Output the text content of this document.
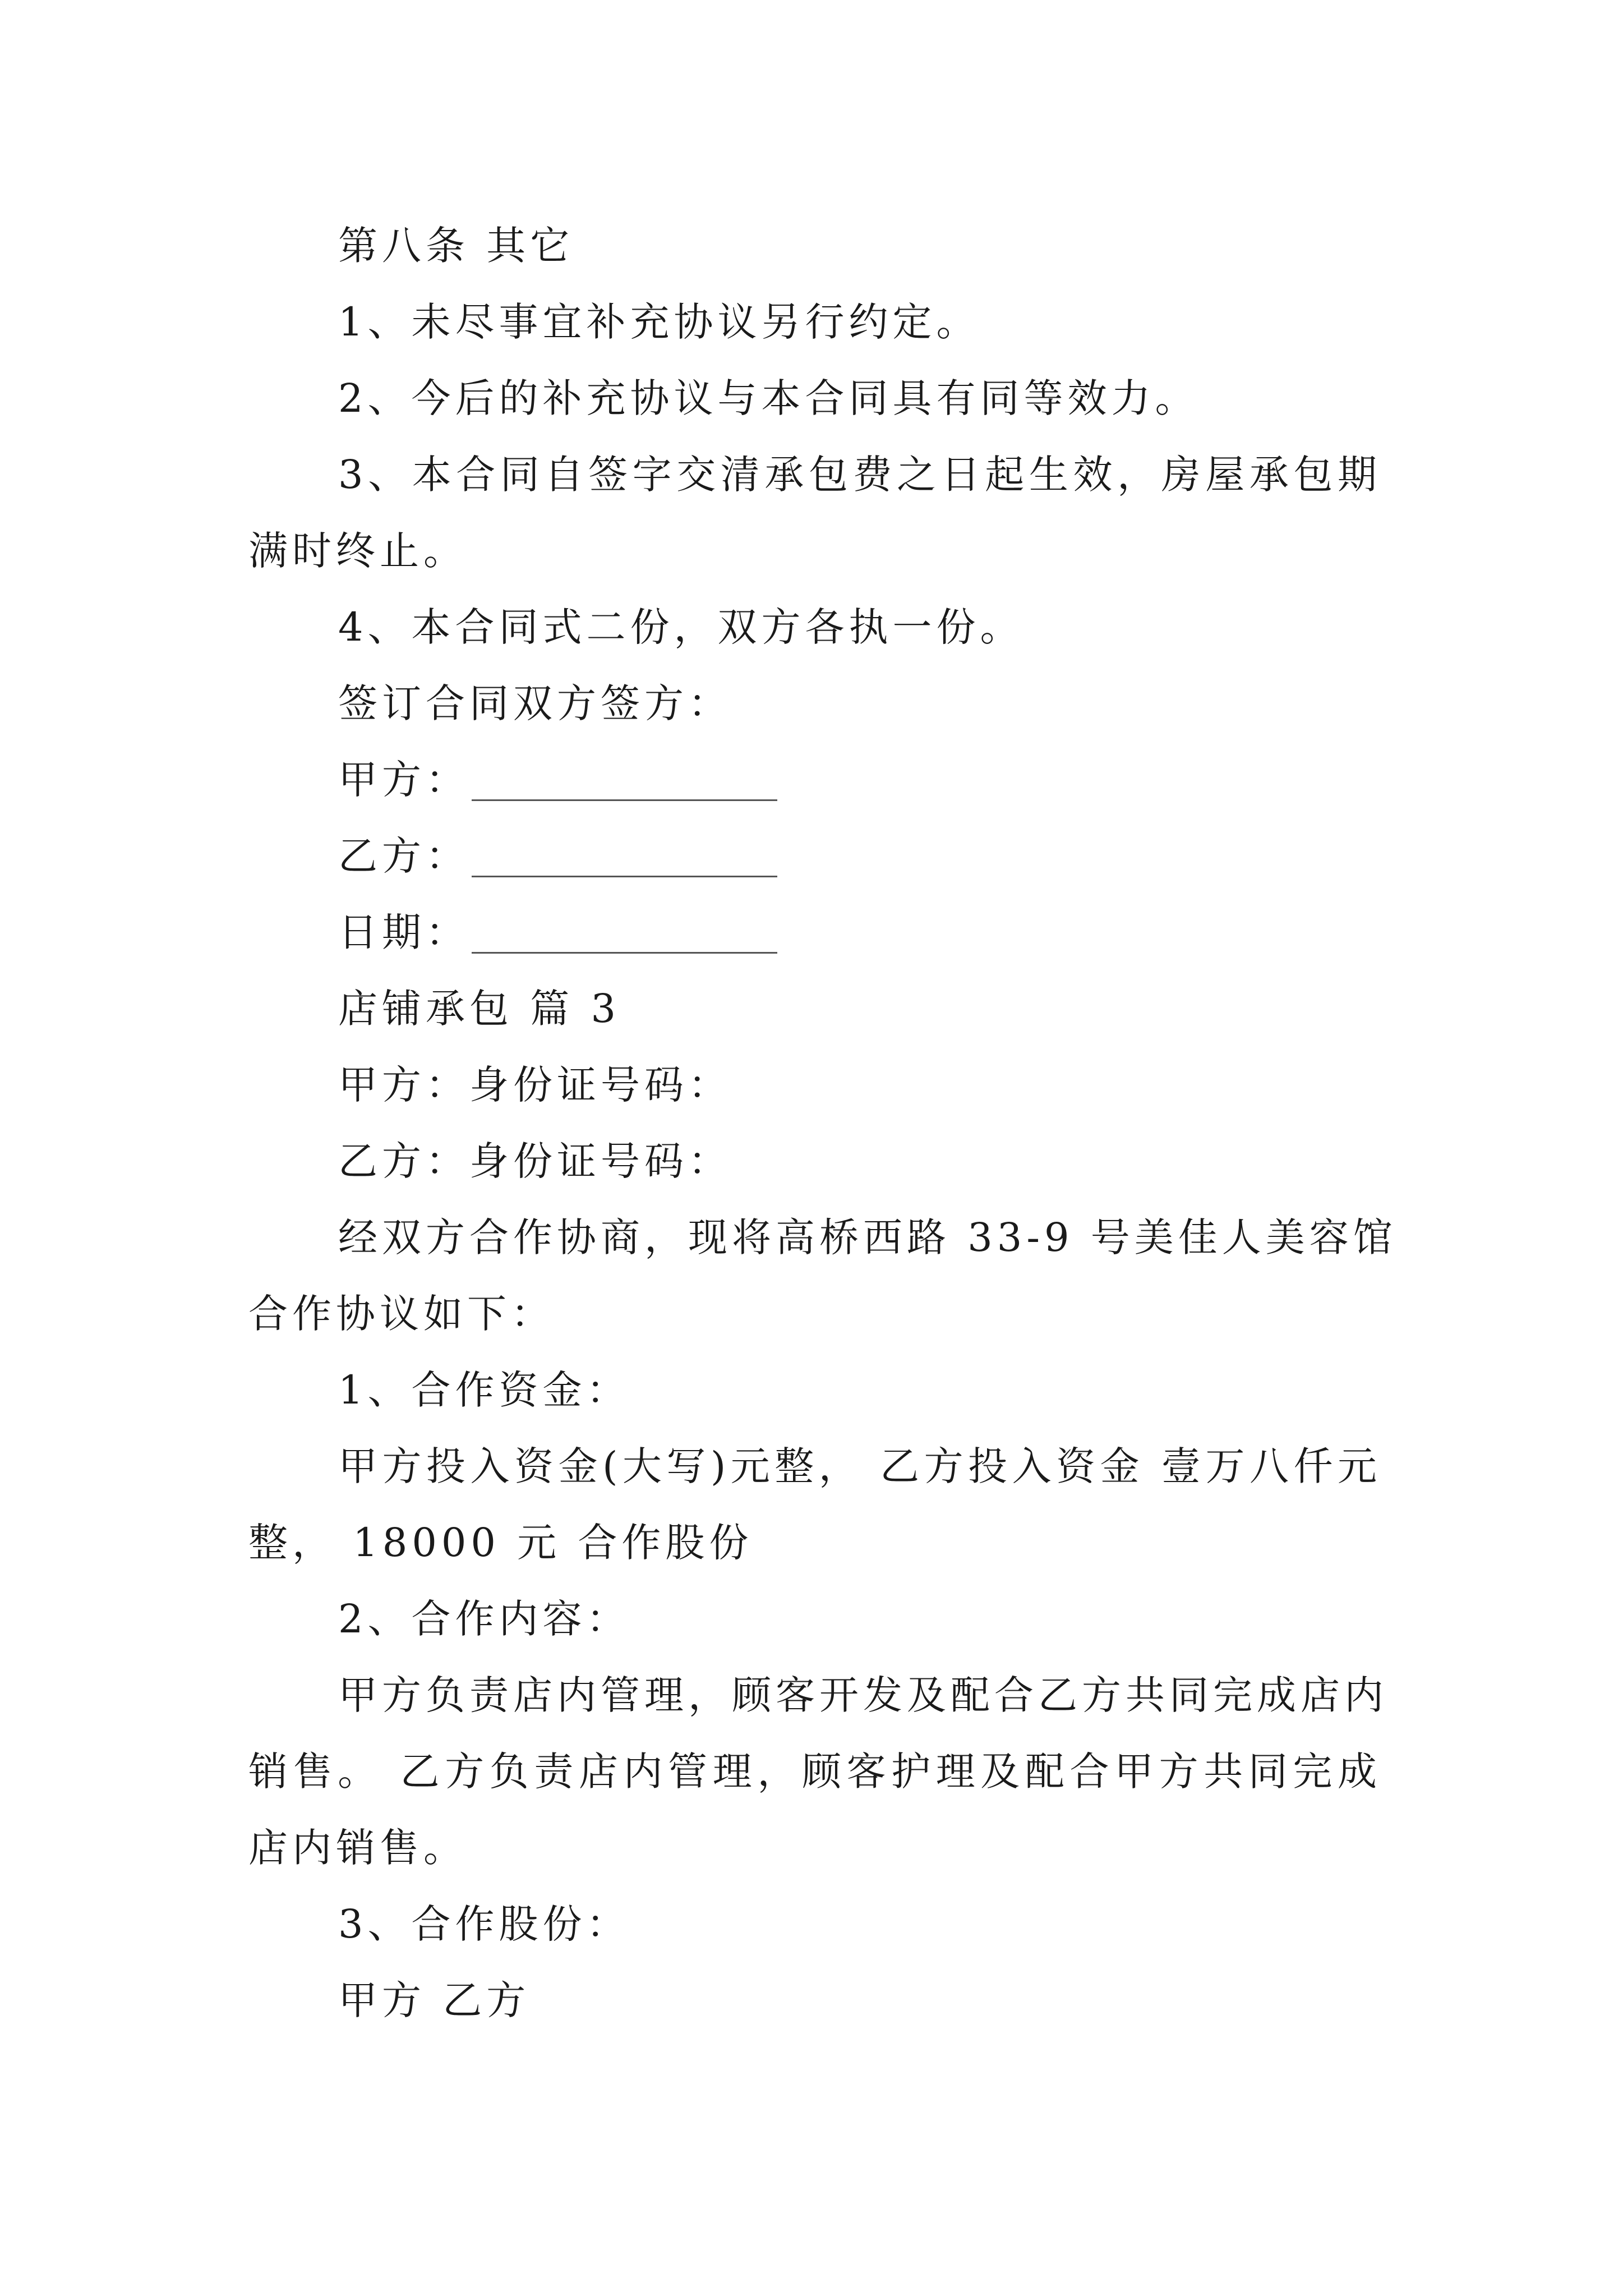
第八条 其它
1、未尽事宜补充协议另行约定。
2、今后的补充协议与本合同具有同等效力。
3、本合同自签字交清承包费之日起生效，房屋承包期
满时终止。
4、本合同式二份，双方各执一份。
签订合同双方签方：
甲方：
乙方：
日期：
店铺承包 篇 3
甲方：身份证号码：
乙方：身份证号码：
经双方合作协商，现将高桥西路 33-9 号美佳人美容馆
合作协议如下：
1、合作资金：
甲方投入资金(大写)元整， 乙方投入资金 壹万八仟元
整， 18000 元 合作股份
2、合作内容：
甲方负责店内管理，顾客开发及配合乙方共同完成店内
销售。 乙方负责店内管理，顾客护理及配合甲方共同完成
店内销售。
3、合作股份：
甲方 乙方
